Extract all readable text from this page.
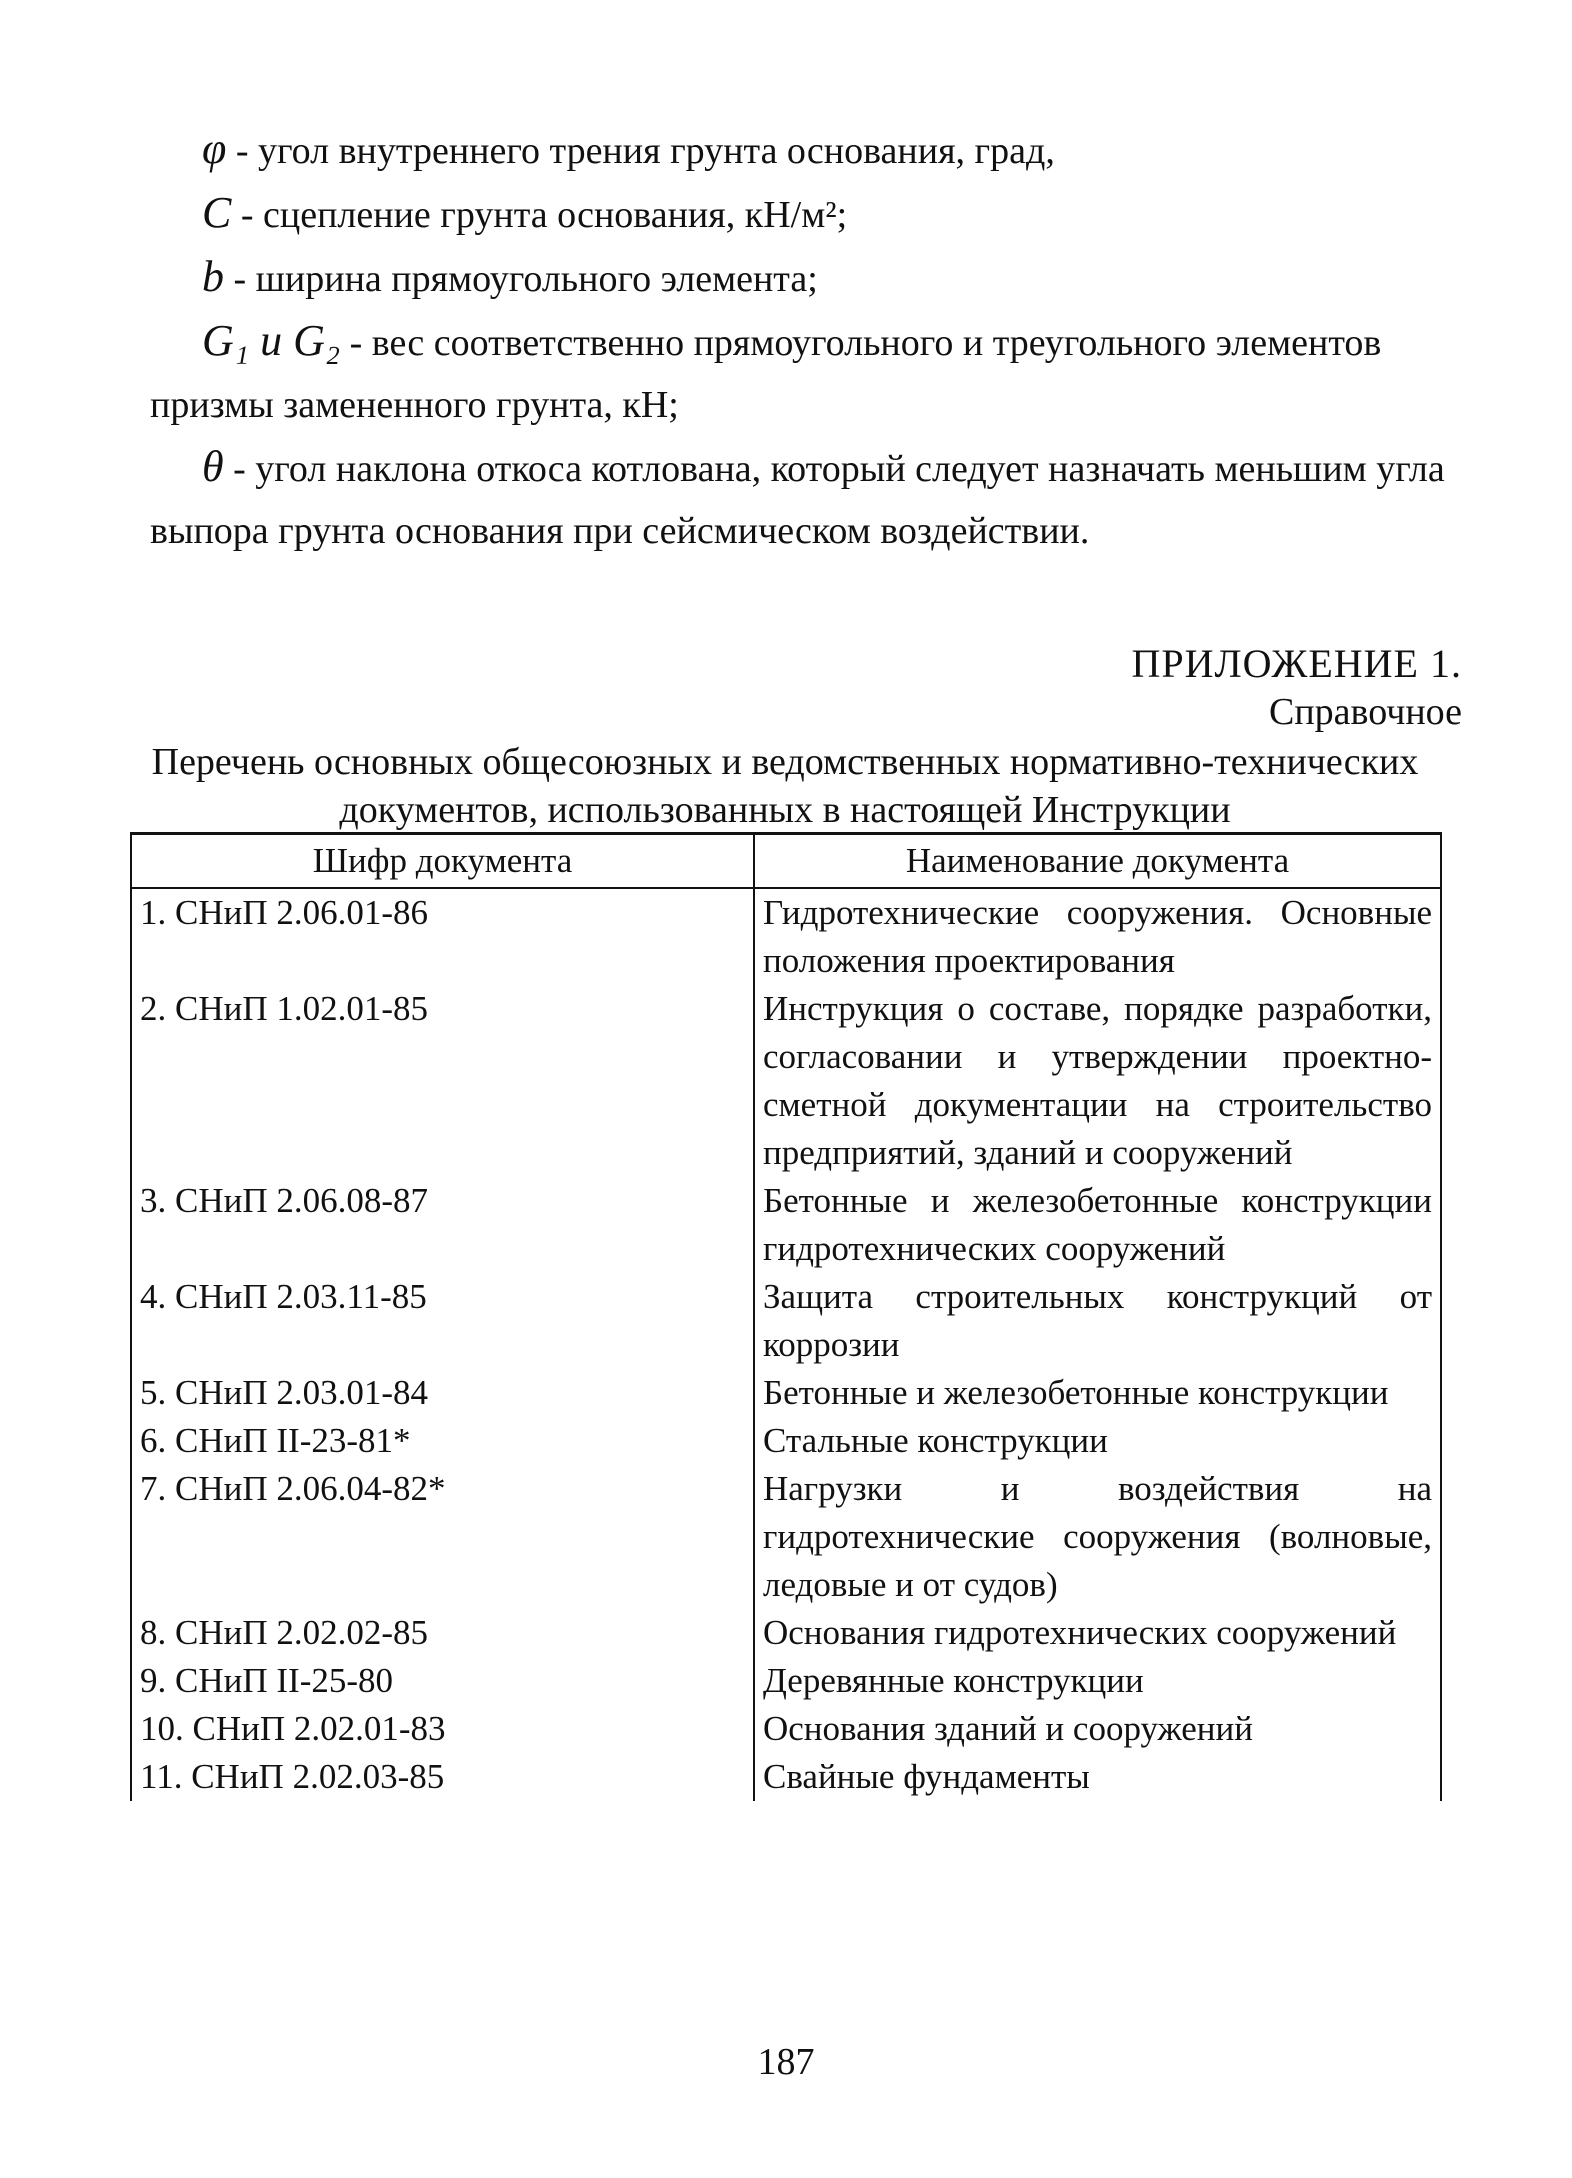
φ - угол внутреннего трения грунта основания, град,

C - сцепление грунта основания, кН/м²;

b - ширина прямоугольного элемента;

G₁ и G₂ - вес соответственно прямоугольного и треугольного элементов призмы замененного грунта, кН;

θ - угол наклона откоса котлована, который следует назначать меньшим угла выпора грунта основания при сейсмическом воздействии.

ПРИЛОЖЕНИЕ 1.
Справочное
Перечень основных общесоюзных и ведомственных нормативно-технических документов, использованных в настоящей Инструкции
Шифр документа	Наименование документа
1. СНиП 2.06.01-86	Гидротехнические сооружения. Основные положения проектирования
2. СНиП 1.02.01-85	Инструкция о составе, порядке разработки, согласовании и утверждении проектно-сметной документации на строительство предприятий, зданий и сооружений
3. СНиП 2.06.08-87	Бетонные и железобетонные конструкции гидротехнических сооружений
4. СНиП 2.03.11-85	Защита строительных конструкций от коррозии
5. СНиП 2.03.01-84	Бетонные и железобетонные конструкции
6. СНиП II-23-81*	Стальные конструкции
7. СНиП 2.06.04-82*	Нагрузки и воздействия на гидротехнические сооружения (волновые, ледовые и от судов)
8. СНиП 2.02.02-85	Основания гидротехнических сооружений
9. СНиП II-25-80	Деревянные конструкции
10. СНиП 2.02.01-83	Основания зданий и сооружений
11. СНиП 2.02.03-85	Свайные фундаменты
187
